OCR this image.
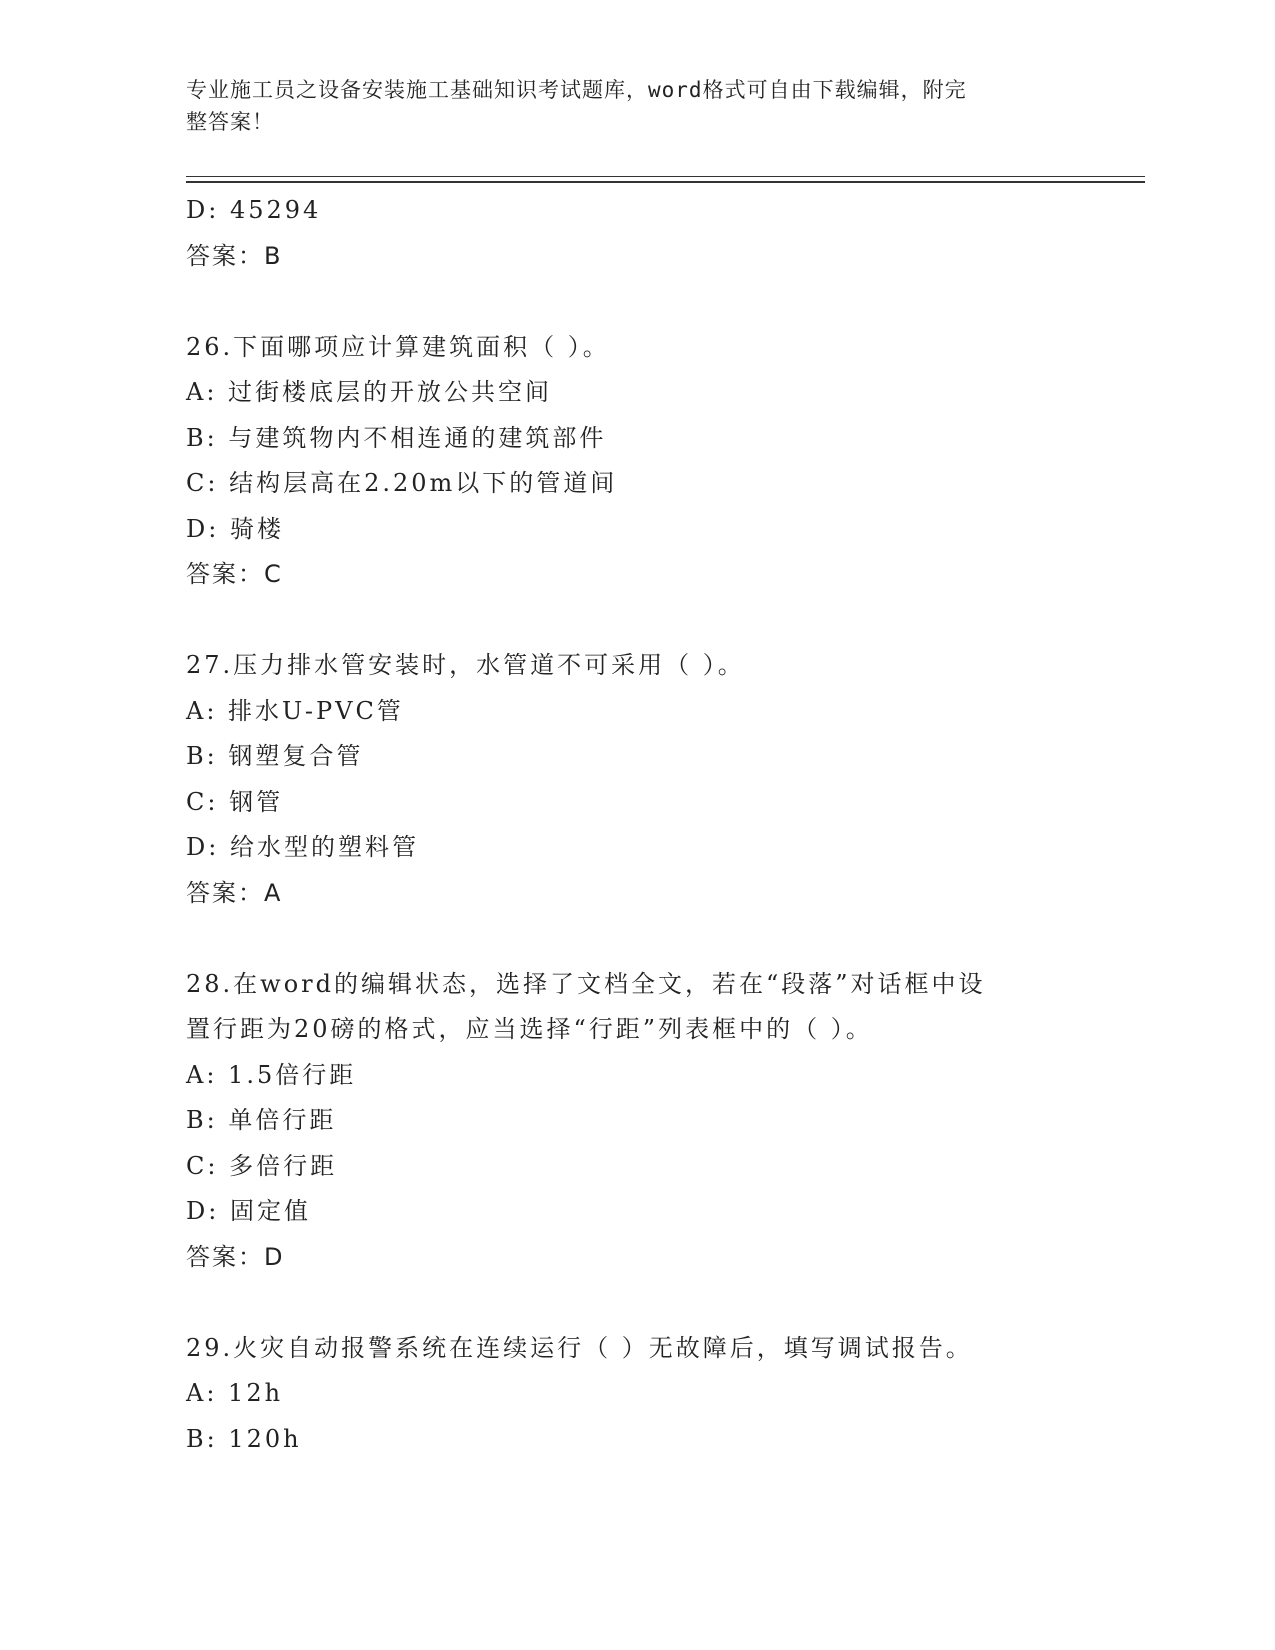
专业施工员之设备安装施工基础知识考试题库，word格式可自由下载编辑，附完
整答案！
D: 45294
答案：B
26.下面哪项应计算建筑面积（ ）。
A: 过街楼底层的开放公共空间
B: 与建筑物内不相连通的建筑部件
C: 结构层高在2.20m以下的管道间
D: 骑楼
答案：C
27.压力排水管安装时，水管道不可采用（ ）。
A: 排水U-PVC管
B: 钢塑复合管
C: 钢管
D: 给水型的塑料管
答案：A
28.在word的编辑状态，选择了文档全文，若在“段落”对话框中设
置行距为20磅的格式，应当选择“行距”列表框中的（ ）。
A: 1.5倍行距
B: 单倍行距
C: 多倍行距
D: 固定值
答案：D
29.火灾自动报警系统在连续运行（ ）无故障后，填写调试报告。
A: 12h
B: 120h
